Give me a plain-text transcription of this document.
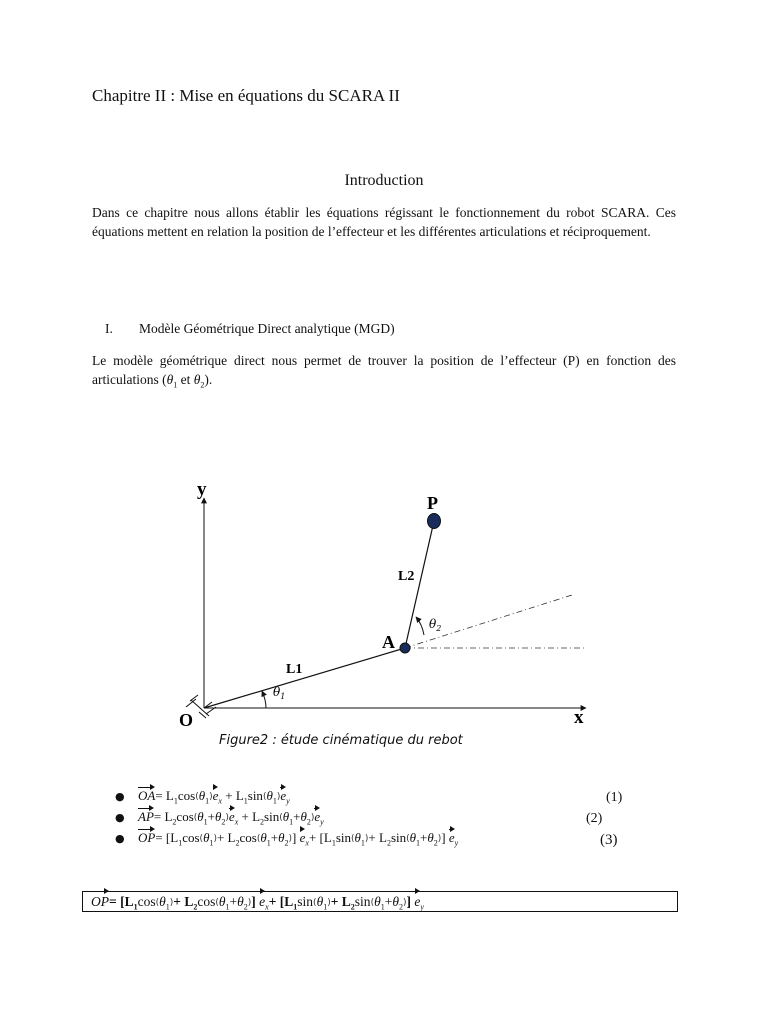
Chapitre II : Mise en équations du SCARA II
Introduction
Dans ce chapitre nous allons établir les équations régissant le fonctionnement du robot SCARA. Ces équations mettent en relation la position de l’effecteur et les différentes articulations et réciproquement.
I. Modèle Géométrique Direct analytique (MGD)
Le modèle géométrique direct nous permet de trouver la position de l’effecteur (P) en fonction des articulations ($\theta_1$ et $\theta_2$).
y
x
O
A
P
L1
L2
$\theta_1$
$\theta_2$
Figure2 : étude cinématique du rebot
● $OA= L_1\cos(\theta_1)e_x + L_1\sin(\theta_1)e_y$	(1)
● $AP= L_2\cos(\theta_1+\theta_2)e_x + L_2\sin(\theta_1+\theta_2)e_y$	(2)
● $OP= [L_1\cos(\theta_1)+ L_2\cos(\theta_1+\theta_2)]$ $e_x+ [L_1\sin(\theta_1)+ L_2\sin(\theta_1+\theta_2)]$ $e_y$	(3)
$OP= [L_1\cos(\theta_1)+ L_2\cos(\theta_1+\theta_2)]$ $e_x+ [L_1\sin(\theta_1)+ L_2\sin(\theta_1+\theta_2)]$ $e_y$
